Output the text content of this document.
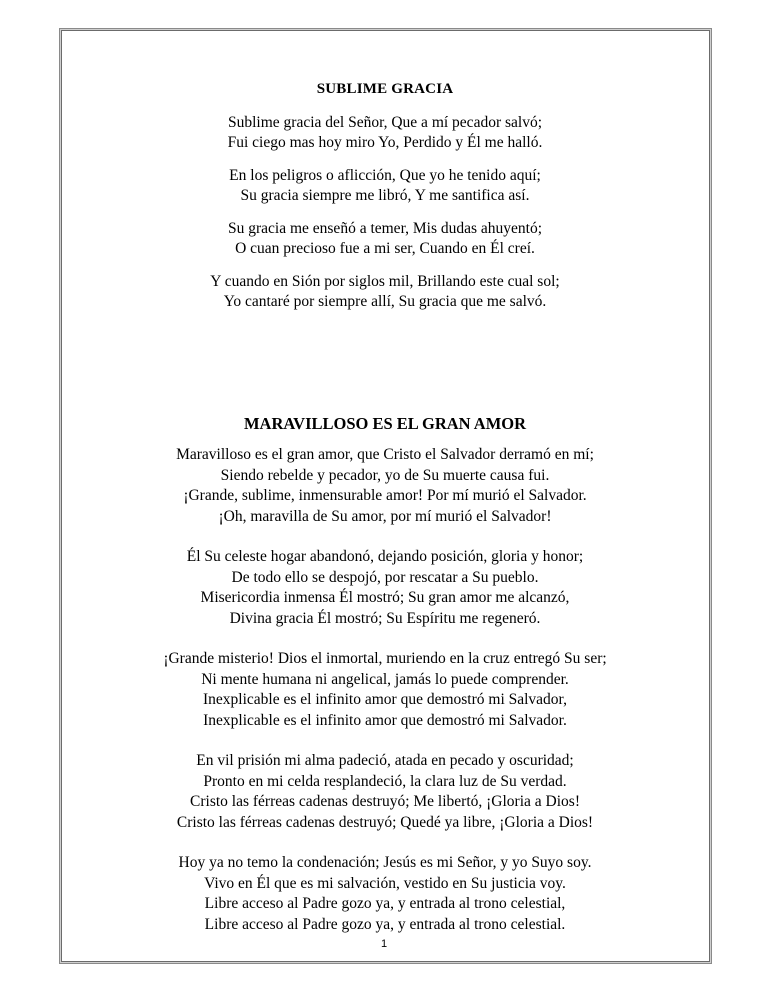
SUBLIME GRACIA

Sublime gracia del Señor, Que a mí pecador salvó;
Fui ciego mas hoy miro Yo, Perdido y Él me halló.

En los peligros o aflicción, Que yo he tenido aquí;
Su gracia siempre me libró, Y me santifica así.

Su gracia me enseñó a temer, Mis dudas ahuyentó;
O cuan precioso fue a mi ser, Cuando en Él creí.

Y cuando en Sión por siglos mil, Brillando este cual sol;
Yo cantaré por siempre allí, Su gracia que me salvó.

MARAVILLOSO ES EL GRAN AMOR

Maravilloso es el gran amor, que Cristo el Salvador derramó en mí;
Siendo rebelde y pecador, yo de Su muerte causa fui.
¡Grande, sublime, inmensurable amor! Por mí murió el Salvador.
¡Oh, maravilla de Su amor, por mí murió el Salvador!

Él Su celeste hogar abandonó, dejando posición, gloria y honor;
De todo ello se despojó, por rescatar a Su pueblo.
Misericordia inmensa Él mostró; Su gran amor me alcanzó,
Divina gracia Él mostró; Su Espíritu me regeneró.

¡Grande misterio! Dios el inmortal, muriendo en la cruz entregó Su ser;
Ni mente humana ni angelical, jamás lo puede comprender.
Inexplicable es el infinito amor que demostró mi Salvador,
Inexplicable es el infinito amor que demostró mi Salvador.

En vil prisión mi alma padeció, atada en pecado y oscuridad;
Pronto en mi celda resplandeció, la clara luz de Su verdad.
Cristo las férreas cadenas destruyó; Me libertó, ¡Gloria a Dios!
Cristo las férreas cadenas destruyó; Quedé ya libre, ¡Gloria a Dios!

Hoy ya no temo la condenación; Jesús es mi Señor, y yo Suyo soy.
Vivo en Él que es mi salvación, vestido en Su justicia voy.
Libre acceso al Padre gozo ya, y entrada al trono celestial,
Libre acceso al Padre gozo ya, y entrada al trono celestial.

1
